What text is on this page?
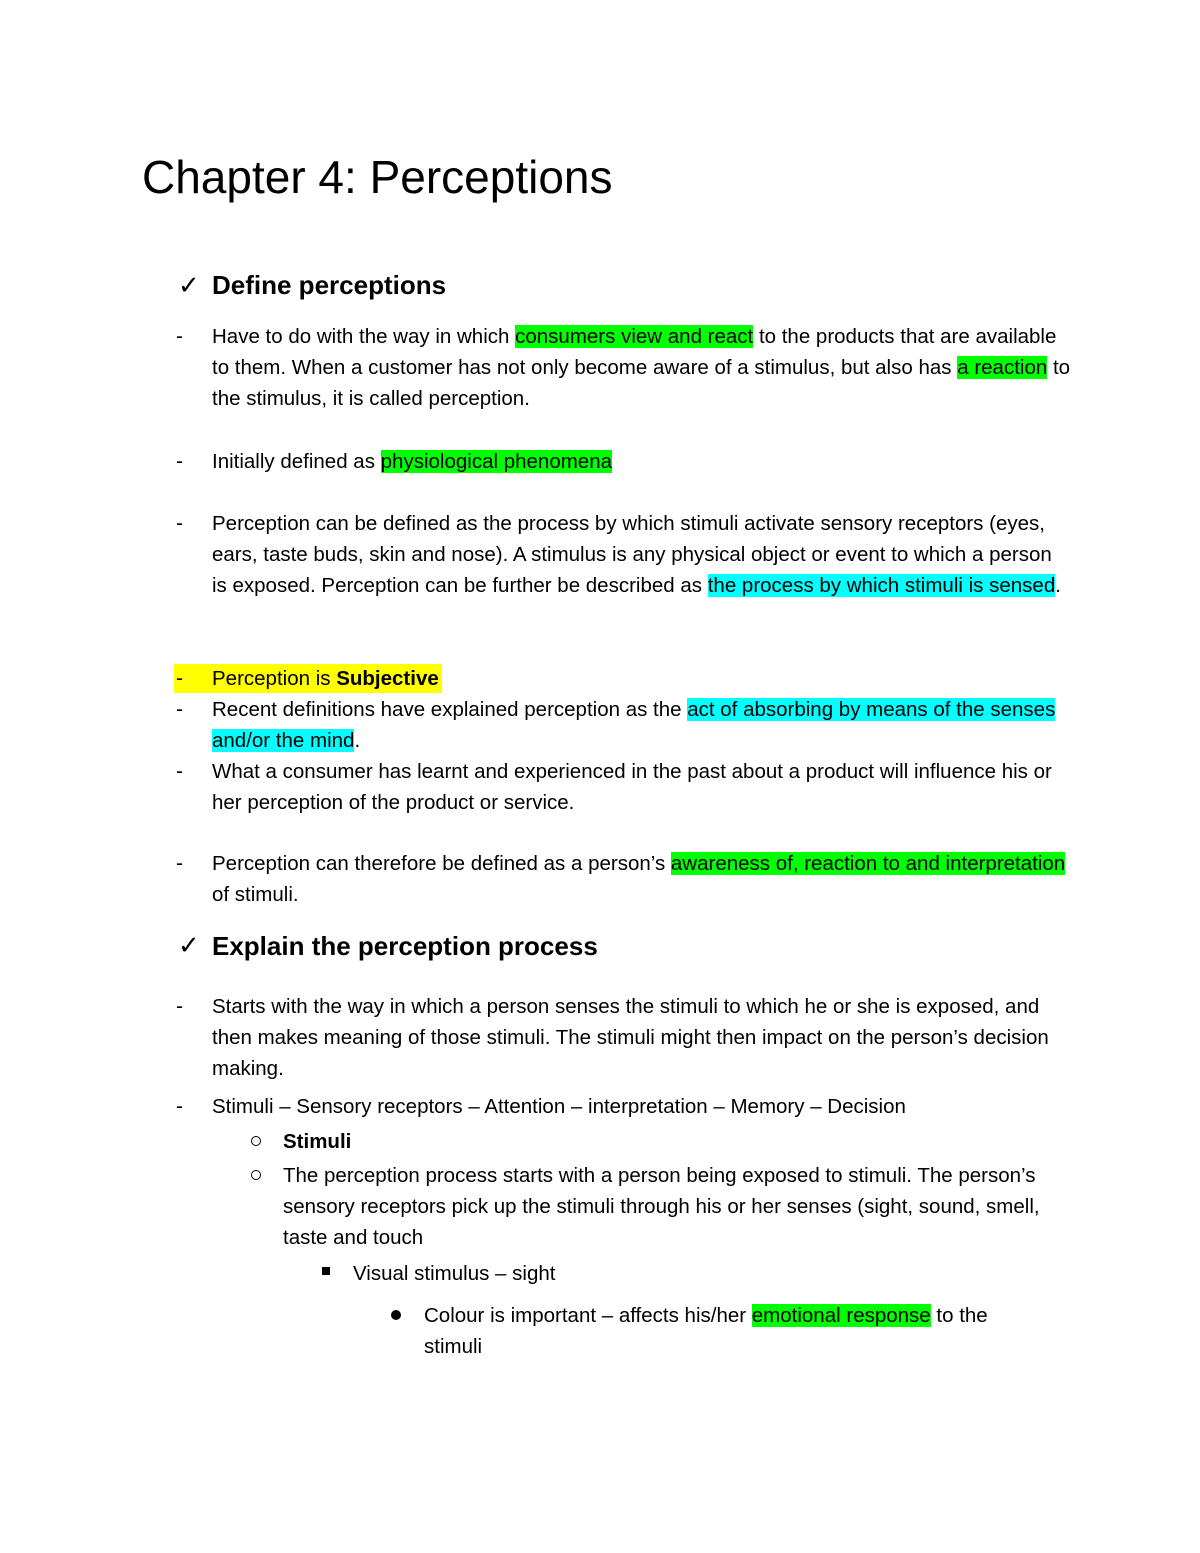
Chapter 4: Perceptions
✓ Define perceptions
- Have to do with the way in which consumers view and react to the products that are available to them. When a customer has not only become aware of a stimulus, but also has a reaction to the stimulus, it is called perception.
- Initially defined as physiological phenomena
- Perception can be defined as the process by which stimuli activate sensory receptors (eyes, ears, taste buds, skin and nose). A stimulus is any physical object or event to which a person is exposed. Perception can be further be described as the process by which stimuli is sensed.
- Perception is Subjective
- Recent definitions have explained perception as the act of absorbing by means of the senses and/or the mind.
- What a consumer has learnt and experienced in the past about a product will influence his or her perception of the product or service.
- Perception can therefore be defined as a person’s awareness of, reaction to and interpretation of stimuli.
✓ Explain the perception process
- Starts with the way in which a person senses the stimuli to which he or she is exposed, and then makes meaning of those stimuli. The stimuli might then impact on the person’s decision making.
- Stimuli – Sensory receptors – Attention – interpretation – Memory – Decision
Stimuli
The perception process starts with a person being exposed to stimuli. The person’s sensory receptors pick up the stimuli through his or her senses (sight, sound, smell, taste and touch
Visual stimulus – sight
Colour is important – affects his/her emotional response to the stimuli
